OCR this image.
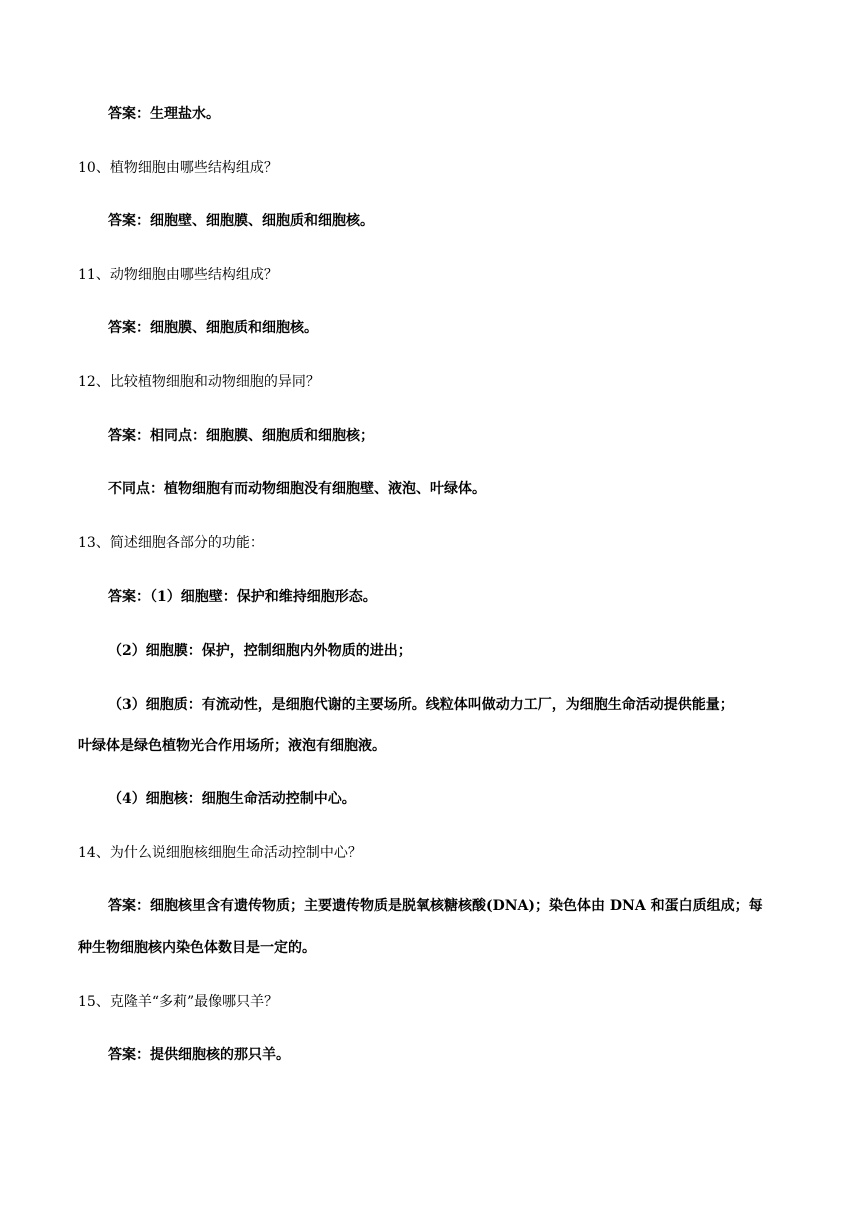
答案：生理盐水。
10、植物细胞由哪些结构组成？
答案：细胞壁、细胞膜、细胞质和细胞核。
11、动物细胞由哪些结构组成？
答案：细胞膜、细胞质和细胞核。
12、比较植物细胞和动物细胞的异同？
答案：相同点：细胞膜、细胞质和细胞核；
不同点：植物细胞有而动物细胞没有细胞壁、液泡、叶绿体。
13、简述细胞各部分的功能：
答案：（1）细胞壁：保护和维持细胞形态。
（2）细胞膜：保护，控制细胞内外物质的进出；
（3）细胞质：有流动性，是细胞代谢的主要场所。线粒体叫做动力工厂，为细胞生命活动提供能量；
叶绿体是绿色植物光合作用场所；液泡有细胞液。
（4）细胞核：细胞生命活动控制中心。
14、为什么说细胞核细胞生命活动控制中心？
答案：细胞核里含有遗传物质；主要遗传物质是脱氧核糖核酸(DNA)；染色体由 DNA 和蛋白质组成；每
种生物细胞核内染色体数目是一定的。
15、克隆羊“多莉”最像哪只羊？
答案：提供细胞核的那只羊。
